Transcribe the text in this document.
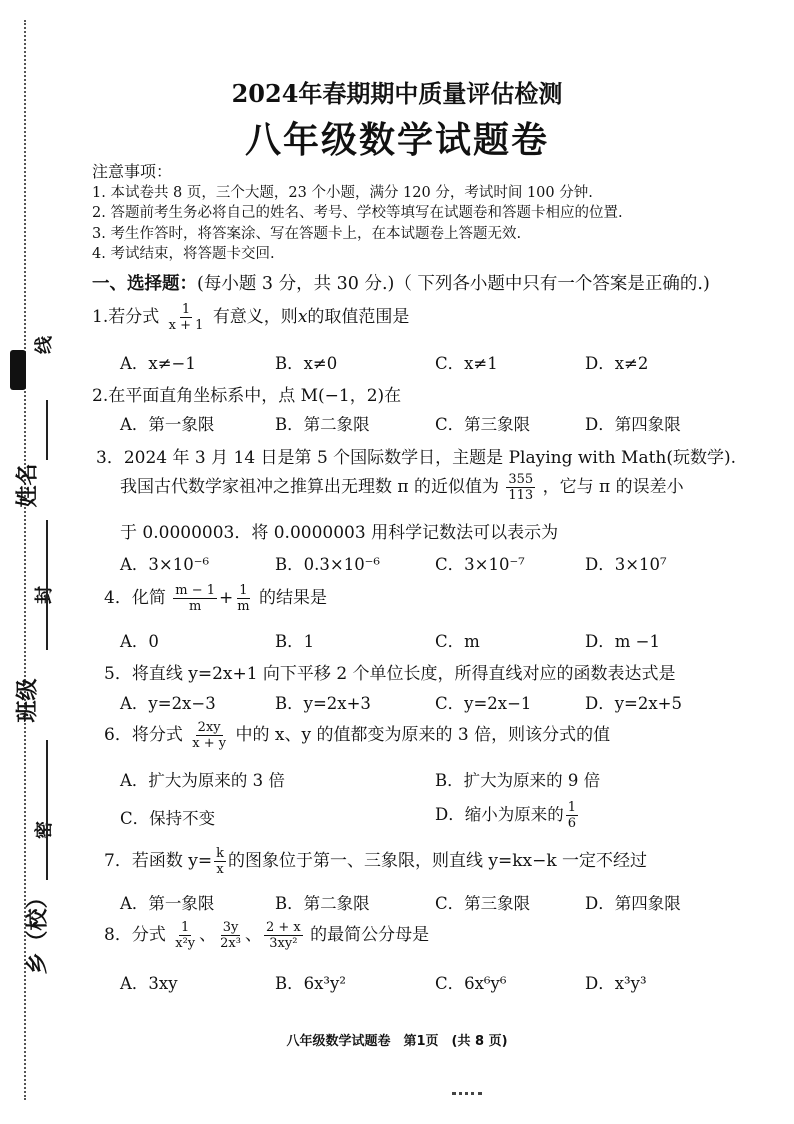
线
封
密
姓名
班级
乡（校）
2024年春期期中质量评估检测
八年级数学试题卷
注意事项：
1. 本试卷共 8 页，三个大题，23 个小题，满分 120 分，考试时间 100 分钟.
2. 答题前考生务必将自己的姓名、考号、学校等填写在试题卷和答题卡相应的位置.
3. 考生作答时，将答案涂、写在答题卡上，在本试题卷上答题无效.
4. 考试结束，将答题卡交回.
一、选择题：(每小题 3 分，共 30 分.)（ 下列各小题中只有一个答案是正确的.)
1.若分式 $\frac{1}{x + 1}$ 有意义，则x的取值范围是
A．x≠−1	B．x≠0	C．x≠1	D．x≠2
2.在平面直角坐标系中，点 M(−1，2)在
A．第一象限	B．第二象限	C．第三象限	D．第四象限
3．2024 年 3 月 14 日是第 5 个国际数学日，主题是 Playing with Math(玩数学).
我国古代数学家祖冲之推算出无理数 π 的近似值为 $\frac{355}{113}$ ，它与 π 的误差小
于 0.0000003．将 0.0000003 用科学记数法可以表示为
A．3×10⁻⁶	B．0.3×10⁻⁶	C．3×10⁻⁷	D．3×10⁷
4．化简 $\frac{m - 1}{m} + \frac{1}{m}$ 的结果是
A．0	B．1	C．m	D．m −1
5．将直线 y=2x+1 向下平移 2 个单位长度，所得直线对应的函数表达式是
A．y=2x−3	B．y=2x+3	C．y=2x−1	D．y=2x+5
6．将分式 $\frac{2xy}{x + y}$ 中的 x、y 的值都变为原来的 3 倍，则该分式的值
A．扩大为原来的 3 倍	B．扩大为原来的 9 倍
C．保持不变	D．缩小为原来的 $\frac{1}{6}$
7．若函数 $y= \frac{k}{x}$ 的图象位于第一、三象限，则直线 y=kx−k 一定不经过
A．第一象限	B．第二象限	C．第三象限	D．第四象限
8．分式 $\frac{1}{\text{x²y}}$ 、 $\frac{3y}{\text{2x³}}$ 、 $\frac{2 + x}{\text{3xy²}}$ 的最简公分母是
A．3xy	B．6x³y²	C．6x⁶y⁶	D．x³y³
八年级数学试题卷　第1页　(共 8 页)
